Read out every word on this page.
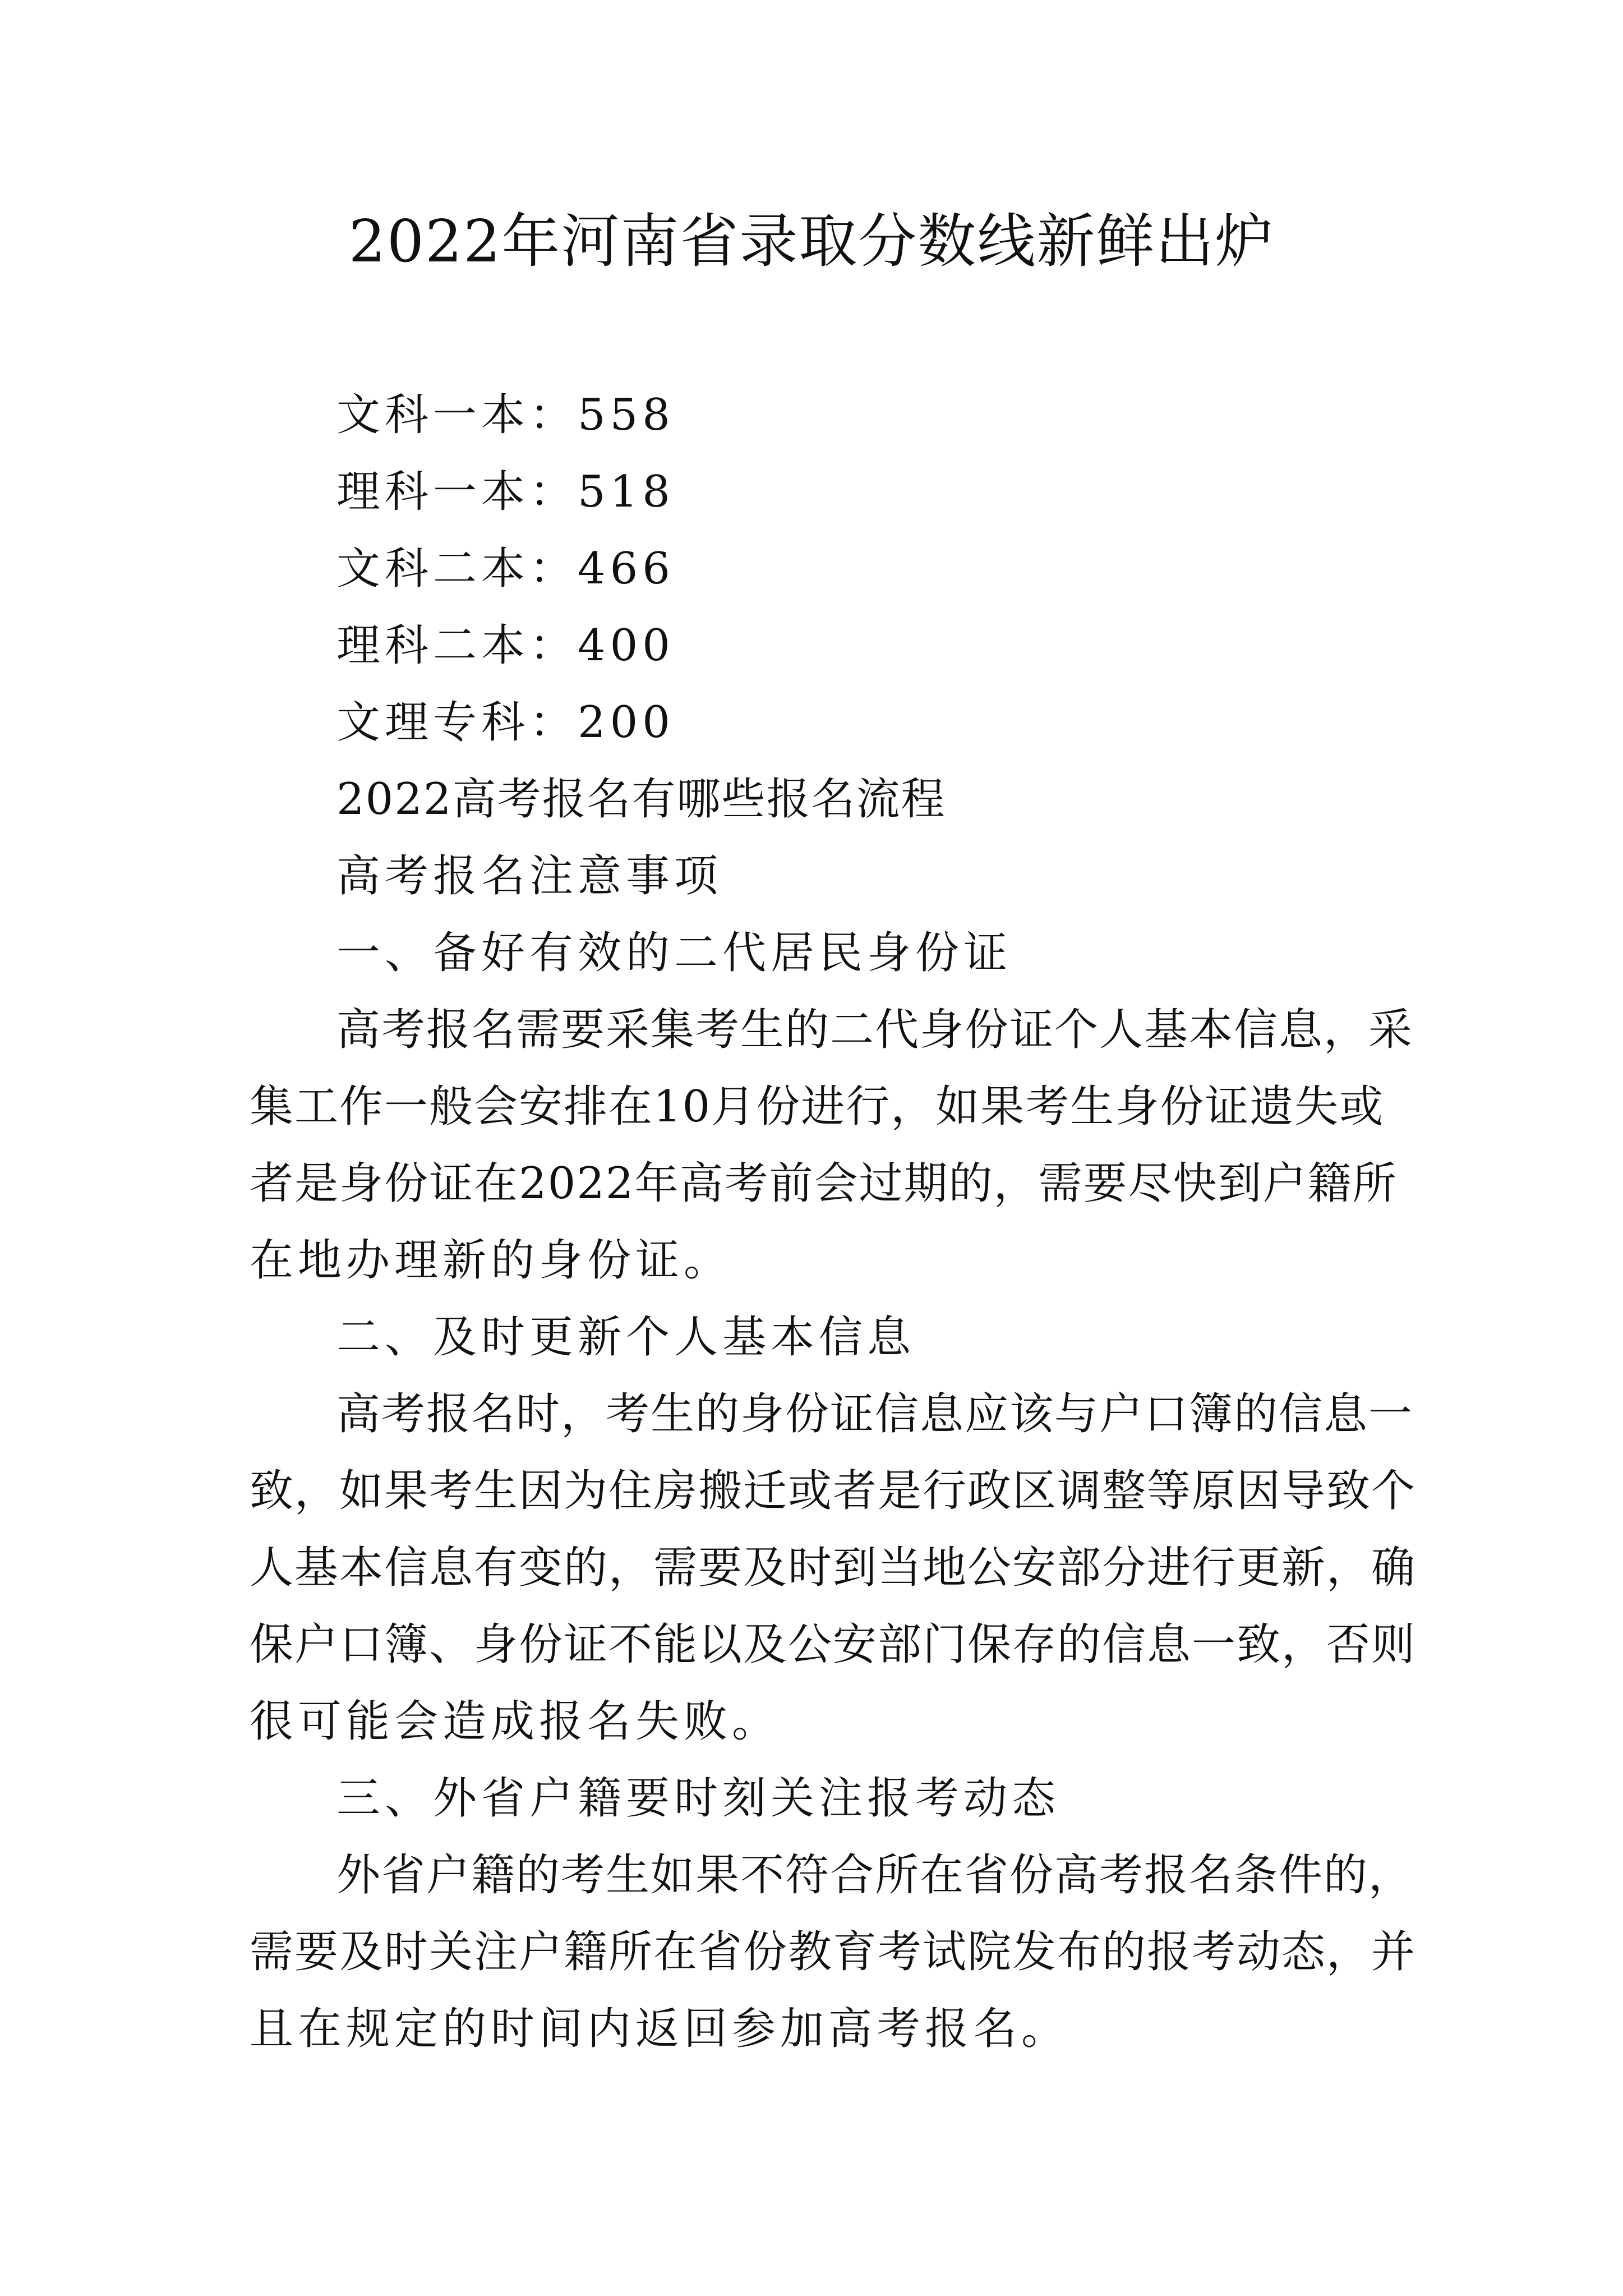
2022年河南省录取分数线新鲜出炉
文科一本：558
理科一本：518
文科二本：466
理科二本：400
文理专科：200
2022高考报名有哪些报名流程
高考报名注意事项
一、备好有效的二代居民身份证
高考报名需要采集考生的二代身份证个人基本信息，采
集工作一般会安排在10月份进行，如果考生身份证遗失或
者是身份证在2022年高考前会过期的，需要尽快到户籍所
在地办理新的身份证。
二、及时更新个人基本信息
高考报名时，考生的身份证信息应该与户口簿的信息一
致，如果考生因为住房搬迁或者是行政区调整等原因导致个
人基本信息有变的，需要及时到当地公安部分进行更新，确
保户口簿、身份证不能以及公安部门保存的信息一致，否则
很可能会造成报名失败。
三、外省户籍要时刻关注报考动态
外省户籍的考生如果不符合所在省份高考报名条件的，
需要及时关注户籍所在省份教育考试院发布的报考动态，并
且在规定的时间内返回参加高考报名。
